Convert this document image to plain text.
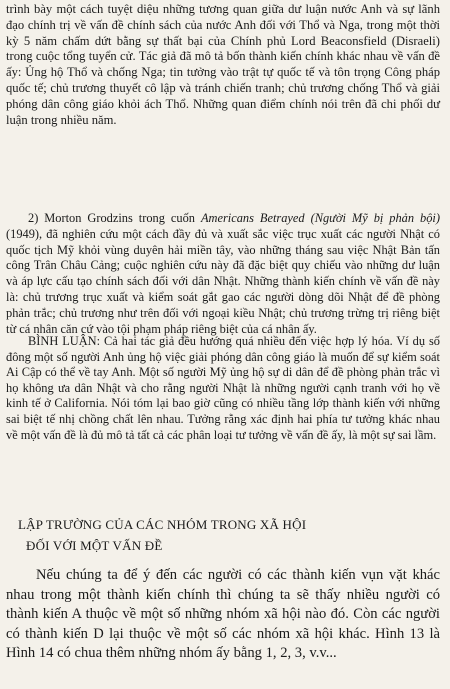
trình bày một cách tuyệt diệu những tương quan giữa dư luận nước Anh và sự lãnh đạo chính trị về vấn đề chính sách của nước Anh đối với Thổ và Nga, trong một thời kỳ 5 năm chấm dứt bằng sự thất bại của Chính phủ Lord Beaconsfield (Disraeli) trong cuộc tổng tuyển cử. Tác giả đã mô tả bốn thành kiến chính khác nhau về vấn đề ấy: Ủng hộ Thổ và chống Nga; tin tưởng vào trật tự quốc tế và tôn trọng Công pháp quốc tế; chủ trương thuyết cô lập và tránh chiến tranh; chủ trương chống Thổ và giải phóng dân công giáo khỏi ách Thổ. Những quan điểm chính nói trên đã chi phối dư luận trong nhiều năm.

2) Morton Grodzins trong cuốn Americans Betrayed (Người Mỹ bị phản bội) (1949), đã nghiên cứu một cách đầy đủ và xuất sắc việc trục xuất các người Nhật có quốc tịch Mỹ khỏi vùng duyên hải miền tây, vào những tháng sau việc Nhật Bản tấn công Trân Châu Cảng; cuộc nghiên cứu này đã đặc biệt quy chiếu vào những dư luận và áp lực cấu tạo chính sách đối với dân Nhật. Những thành kiến chính về vấn đề này là: chủ trương trục xuất và kiểm soát gắt gao các người dòng dõi Nhật để đề phòng phản trắc; chủ trương như trên đối với ngoại kiều Nhật; chủ trương trừng trị riêng biệt từ cá nhân căn cứ vào tội phạm pháp riêng biệt của cá nhân ấy.

BÌNH LUẬN: Cả hai tác giả đều hướng quá nhiều đến việc hợp lý hóa. Ví dụ số đông một số người Anh ủng hộ việc giải phóng dân công giáo là muốn để sự kiểm soát Ai Cập có thể về tay Anh. Một số người Mỹ ủng hộ sự di dân để đề phòng phản trắc vì họ không ưa dân Nhật và cho rằng người Nhật là những người cạnh tranh với họ về kinh tế ở California. Nói tóm lại bao giờ cũng có nhiều tầng lớp thành kiến với những sai biệt tế nhị chồng chất lên nhau. Tưởng rằng xác định hai phía tư tưởng khác nhau về một vấn đề là đủ mô tả tất cả các phân loại tư tưởng về vấn đề ấy, là một sự sai lầm.

LẬP TRƯỜNG CỦA CÁC NHÓM TRONG XÃ HỘI
ĐỐI VỚI MỘT VẤN ĐỀ

Nếu chúng ta để ý đến các người có các thành kiến vụn vặt khác nhau trong một thành kiến chính thì chúng ta sẽ thấy nhiều người có thành kiến A thuộc về một số những nhóm xã hội nào đó. Còn các người có thành kiến D lại thuộc về một số các nhóm xã hội khác. Hình 13 là Hình 14 có chua thêm những nhóm ấy bằng 1, 2, 3, v.v...
